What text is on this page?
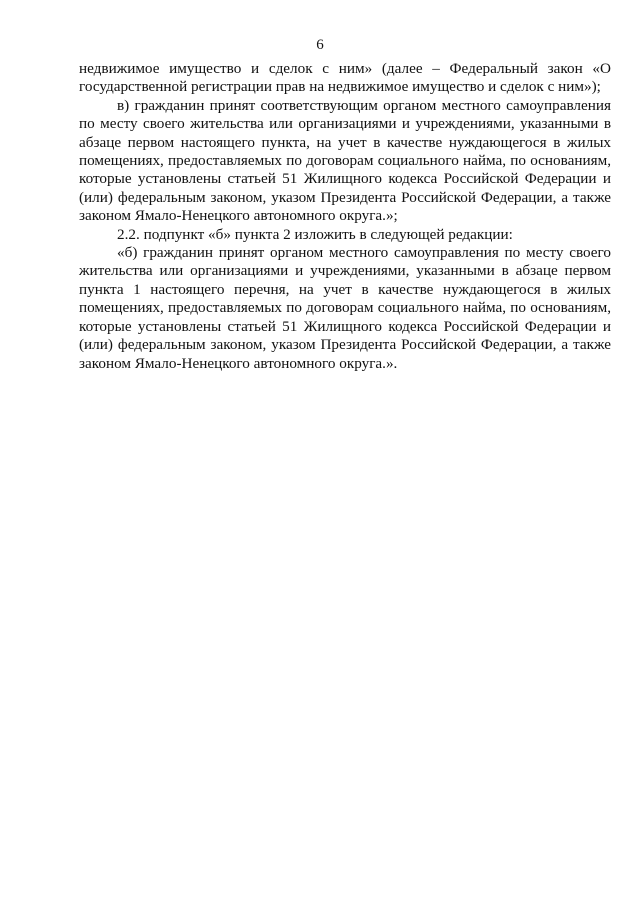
6

недвижимое имущество и сделок с ним» (далее – Федеральный закон «О государственной регистрации прав на недвижимое имущество и сделок с ним»);

в) гражданин принят соответствующим органом местного самоуправления по месту своего жительства или организациями и учреждениями, указанными в абзаце первом настоящего пункта, на учет в качестве нуждающегося в жилых помещениях, предоставляемых по договорам социального найма, по основаниям, которые установлены статьей 51 Жилищного кодекса Российской Федерации и (или) федеральным законом, указом Президента Российской Федерации, а также законом Ямало-Ненецкого автономного округа.»;

2.2. подпункт «б» пункта 2 изложить в следующей редакции:

«б) гражданин принят органом местного самоуправления по месту своего жительства или организациями и учреждениями, указанными в абзаце первом пункта 1 настоящего перечня, на учет в качестве нуждающегося в жилых помещениях, предоставляемых по договорам социального найма, по основаниям, которые установлены статьей 51 Жилищного кодекса Российской Федерации и (или) федеральным законом, указом Президента Российской Федерации, а также законом Ямало-Ненецкого автономного округа.».
